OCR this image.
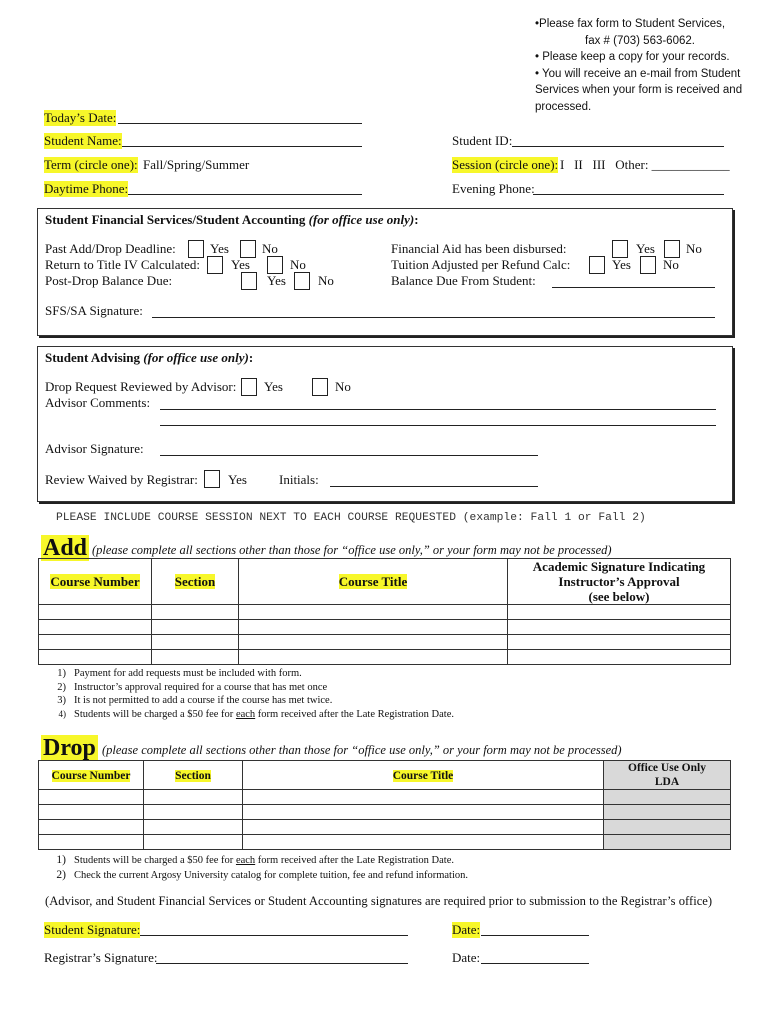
•Please fax form to Student Services,
fax # (703) 563-6062.
• Please keep a copy for your records.
• You will receive an e-mail from Student
Services when your form is received and
processed.
Today’s Date:
Student Name:	Student ID:
Term (circle one): Fall/Spring/Summer	Session (circle one): I   II   III   Other: ____________
Daytime Phone:	Evening Phone:
Student Financial Services/Student Accounting (for office use only):
Past Add/Drop Deadline:	Yes	No
Return to Title IV Calculated: Yes	No
Post-Drop Balance Due:	Yes No
Financial Aid has been disbursed:	Yes No
Tuition Adjusted per Refund Calc:	Yes No
Balance Due From Student:
SFS/SA Signature:
Student Advising (for office use only):
Drop Request Reviewed by Advisor: Yes	No
Advisor Comments:
Advisor Signature:
Review Waived by Registrar: Yes Initials:
PLEASE INCLUDE COURSE SESSION NEXT TO EACH COURSE REQUESTED (example: Fall 1 or Fall 2)
Add (please complete all sections other than those for “office use only,” or your form may not be processed)
Course Number	Section	Course Title	Academic Signature Indicating
Instructor’s Approval
(see below)

1) Payment for add requests must be included with form.
2) Instructor’s approval required for a course that has met once
3) It is not permitted to add a course if the course has met twice.
4) Students will be charged a $50 fee for each form received after the Late Registration Date.
Drop (please complete all sections other than those for “office use only,” or your form may not be processed)
Course Number	Section	Course Title	Office Use Only
LDA

1) Students will be charged a $50 fee for each form received after the Late Registration Date.
2) Check the current Argosy University catalog for complete tuition, fee and refund information.
(Advisor, and Student Financial Services or Student Accounting signatures are required prior to submission to the Registrar’s office)
Student Signature:	Date:
Registrar’s Signature:	Date:
